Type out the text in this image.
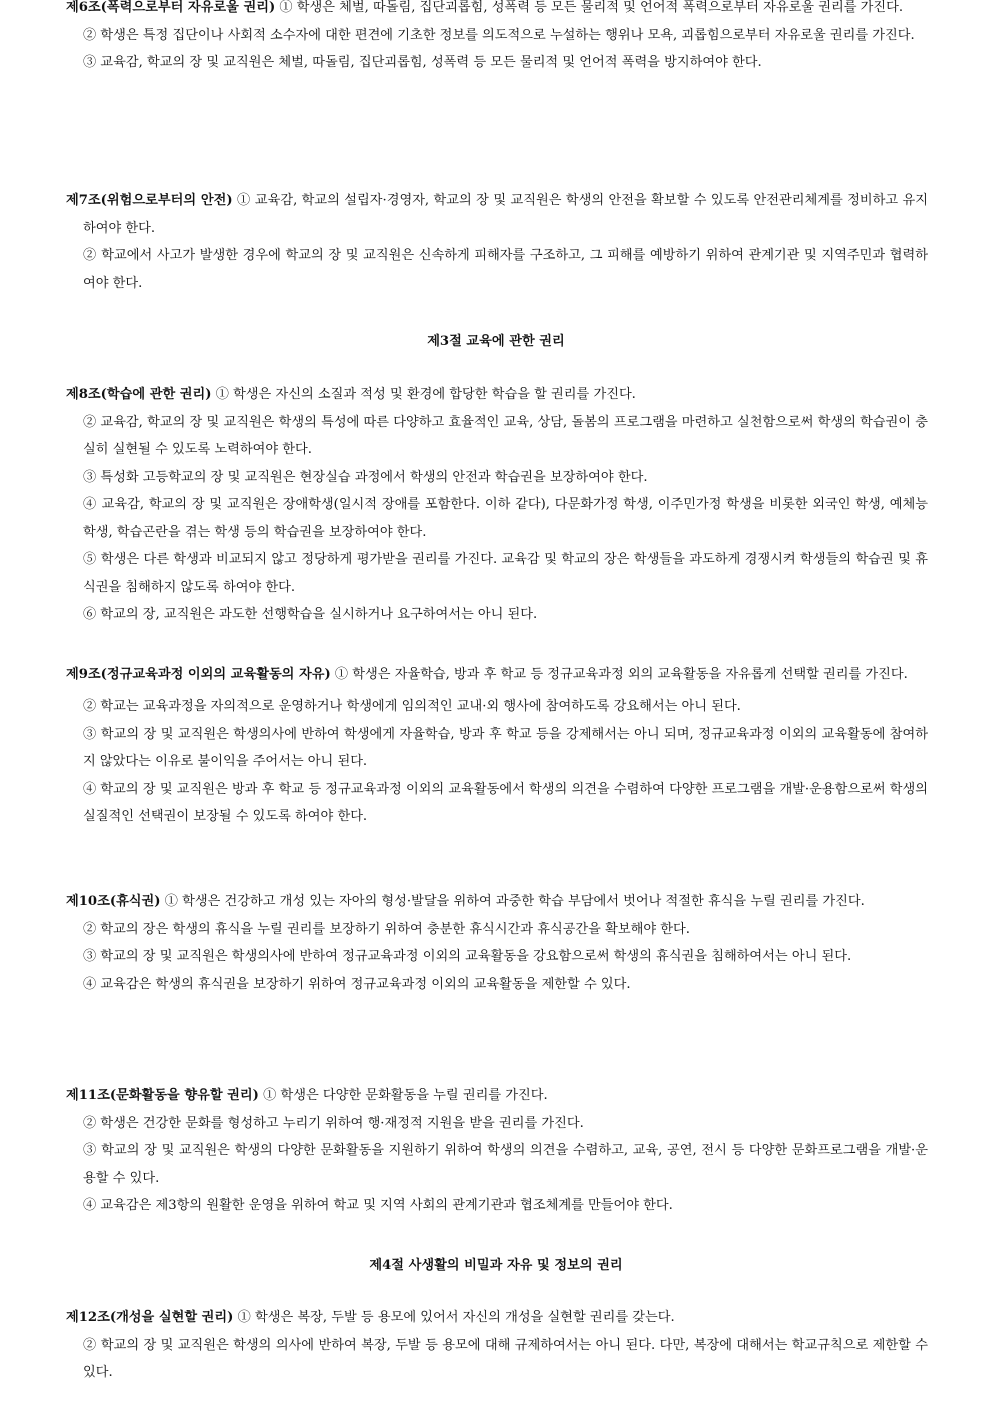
제6조(폭력으로부터 자유로울 권리) ① 학생은 체벌, 따돌림, 집단괴롭힘, 성폭력 등 모든 물리적 및 언어적 폭력으로부터 자유로울 권리를 가진다.

② 학생은 특정 집단이나 사회적 소수자에 대한 편견에 기초한 정보를 의도적으로 누설하는 행위나 모욕, 괴롭힘으로부터 자유로울 권리를 가진다.

③ 교육감, 학교의 장 및 교직원은 체벌, 따돌림, 집단괴롭힘, 성폭력 등 모든 물리적 및 언어적 폭력을 방지하여야 한다.

제7조(위험으로부터의 안전) ① 교육감, 학교의 설립자·경영자, 학교의 장 및 교직원은 학생의 안전을 확보할 수 있도록 안전관리체계를 정비하고 유지하여야 한다.

② 학교에서 사고가 발생한 경우에 학교의 장 및 교직원은 신속하게 피해자를 구조하고, 그 피해를 예방하기 위하여 관계기관 및 지역주민과 협력하여야 한다.

제3절 교육에 관한 권리

제8조(학습에 관한 권리) ① 학생은 자신의 소질과 적성 및 환경에 합당한 학습을 할 권리를 가진다.

② 교육감, 학교의 장 및 교직원은 학생의 특성에 따른 다양하고 효율적인 교육, 상담, 돌봄의 프로그램을 마련하고 실천함으로써 학생의 학습권이 충실히 실현될 수 있도록 노력하여야 한다.

③ 특성화 고등학교의 장 및 교직원은 현장실습 과정에서 학생의 안전과 학습권을 보장하여야 한다.

④ 교육감, 학교의 장 및 교직원은 장애학생(일시적 장애를 포함한다. 이하 같다), 다문화가정 학생, 이주민가정 학생을 비롯한 외국인 학생, 예체능학생, 학습곤란을 겪는 학생 등의 학습권을 보장하여야 한다.

⑤ 학생은 다른 학생과 비교되지 않고 정당하게 평가받을 권리를 가진다. 교육감 및 학교의 장은 학생들을 과도하게 경쟁시켜 학생들의 학습권 및 휴식권을 침해하지 않도록 하여야 한다.

⑥ 학교의 장, 교직원은 과도한 선행학습을 실시하거나 요구하여서는 아니 된다.

제9조(정규교육과정 이외의 교육활동의 자유) ① 학생은 자율학습, 방과 후 학교 등 정규교육과정 외의 교육활동을 자유롭게 선택할 권리를 가진다.

② 학교는 교육과정을 자의적으로 운영하거나 학생에게 임의적인 교내·외 행사에 참여하도록 강요해서는 아니 된다.

③ 학교의 장 및 교직원은 학생의사에 반하여 학생에게 자율학습, 방과 후 학교 등을 강제해서는 아니 되며, 정규교육과정 이외의 교육활동에 참여하지 않았다는 이유로 불이익을 주어서는 아니 된다.

④ 학교의 장 및 교직원은 방과 후 학교 등 정규교육과정 이외의 교육활동에서 학생의 의견을 수렴하여 다양한 프로그램을 개발·운용함으로써 학생의 실질적인 선택권이 보장될 수 있도록 하여야 한다.

제10조(휴식권) ① 학생은 건강하고 개성 있는 자아의 형성·발달을 위하여 과중한 학습 부담에서 벗어나 적절한 휴식을 누릴 권리를 가진다.

② 학교의 장은 학생의 휴식을 누릴 권리를 보장하기 위하여 충분한 휴식시간과 휴식공간을 확보해야 한다.

③ 학교의 장 및 교직원은 학생의사에 반하여 정규교육과정 이외의 교육활동을 강요함으로써 학생의 휴식권을 침해하여서는 아니 된다.

④ 교육감은 학생의 휴식권을 보장하기 위하여 정규교육과정 이외의 교육활동을 제한할 수 있다.

제11조(문화활동을 향유할 권리) ① 학생은 다양한 문화활동을 누릴 권리를 가진다.

② 학생은 건강한 문화를 형성하고 누리기 위하여 행·재정적 지원을 받을 권리를 가진다.

③ 학교의 장 및 교직원은 학생의 다양한 문화활동을 지원하기 위하여 학생의 의견을 수렴하고, 교육, 공연, 전시 등 다양한 문화프로그램을 개발·운용할 수 있다.

④ 교육감은 제3항의 원활한 운영을 위하여 학교 및 지역 사회의 관계기관과 협조체계를 만들어야 한다.

제4절 사생활의 비밀과 자유 및 정보의 권리

제12조(개성을 실현할 권리) ① 학생은 복장, 두발 등 용모에 있어서 자신의 개성을 실현할 권리를 갖는다.

② 학교의 장 및 교직원은 학생의 의사에 반하여 복장, 두발 등 용모에 대해 규제하여서는 아니 된다. 다만, 복장에 대해서는 학교규칙으로 제한할 수 있다.
